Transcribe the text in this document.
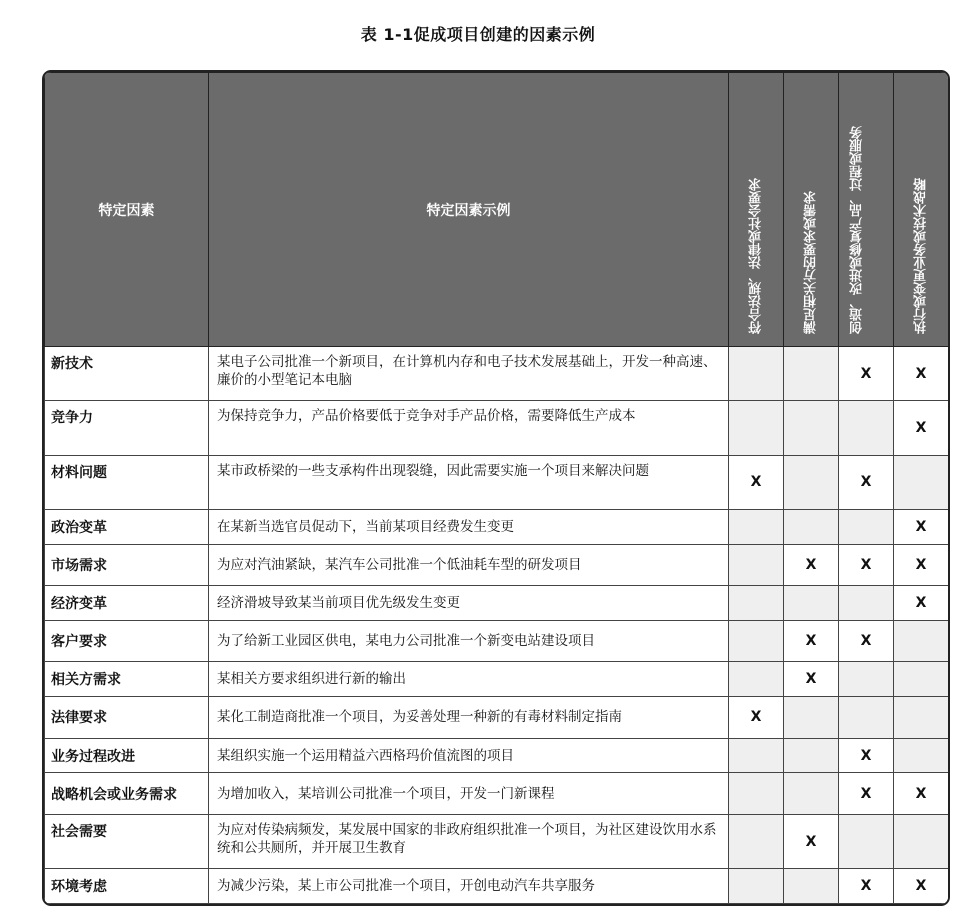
表 1-1促成项目创建的因素示例
特定因素	特定因素示例	符合法规、法律或社会要求	满足相关方的要求或需求	创造、改进或修复产品、过程或服务	执行或变更业务或技术战略
新技术	某电子公司批准一个新项目，在计算机内存和电子技术发展基础上，开发一种高速、廉价的小型笔记本电脑			X	X
竞争力	为保持竞争力，产品价格要低于竞争对手产品价格，需要降低生产成本				X
材料问题	某市政桥梁的一些支承构件出现裂缝，因此需要实施一个项目来解决问题	X		X	
政治变革	在某新当选官员促动下，当前某项目经费发生变更				X
市场需求	为应对汽油紧缺，某汽车公司批准一个低油耗车型的研发项目		X	X	X
经济变革	经济滑坡导致某当前项目优先级发生变更				X
客户要求	为了给新工业园区供电，某电力公司批准一个新变电站建设项目		X	X	
相关方需求	某相关方要求组织进行新的输出		X		
法律要求	某化工制造商批准一个项目，为妥善处理一种新的有毒材料制定指南	X			
业务过程改进	某组织实施一个运用精益六西格玛价值流图的项目			X	
战略机会或业务需求	为增加收入，某培训公司批准一个项目，开发一门新课程			X	X
社会需要	为应对传染病频发，某发展中国家的非政府组织批准一个项目，为社区建设饮用水系统和公共厕所，并开展卫生教育		X		
环境考虑	为减少污染，某上市公司批准一个项目，开创电动汽车共享服务			X	X
